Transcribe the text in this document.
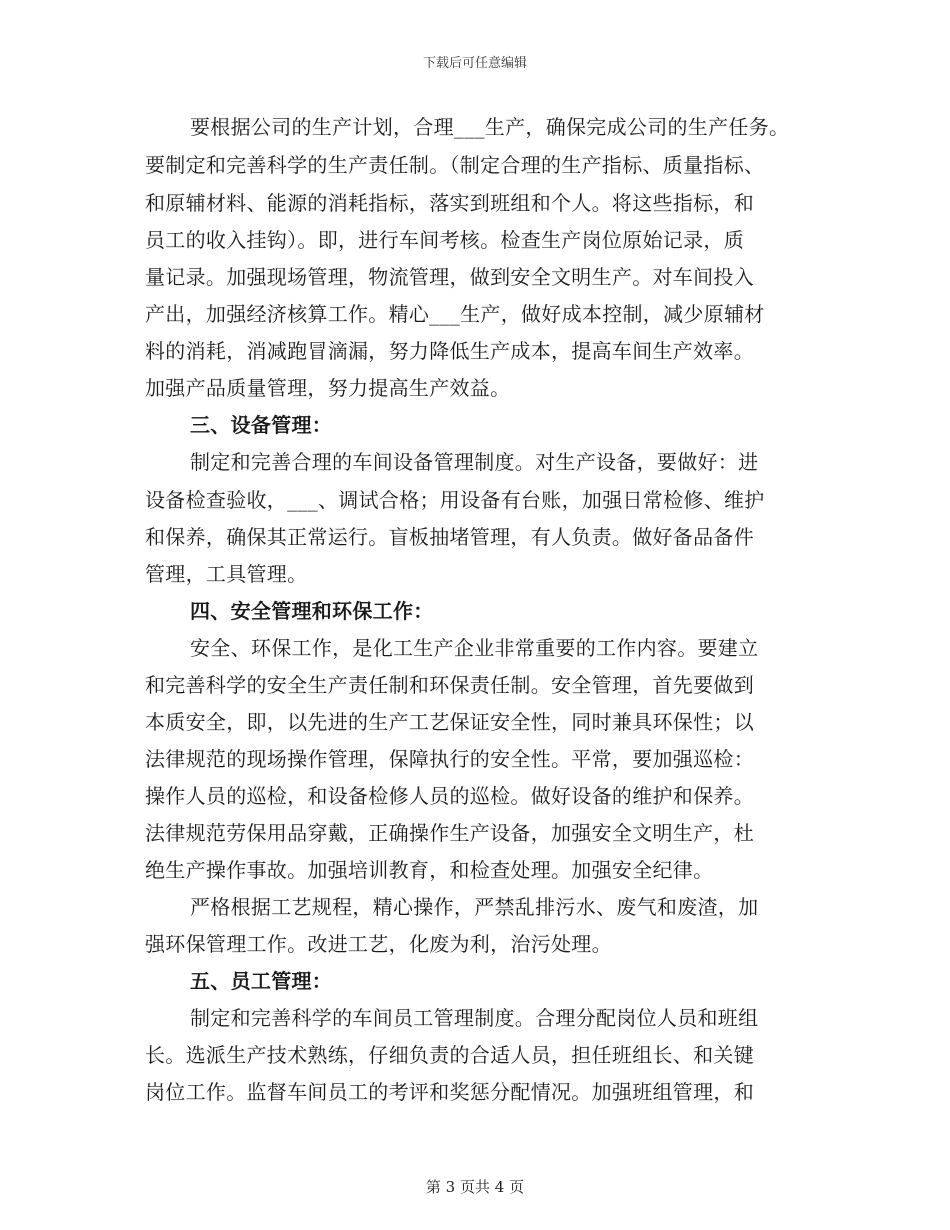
下载后可任意编辑
要根据公司的生产计划，合理___生产，确保完成公司的生产任务。
要制定和完善科学的生产责任制。（制定合理的生产指标、质量指标、
和原辅材料、能源的消耗指标，落实到班组和个人。将这些指标，和
员工的收入挂钩）。即，进行车间考核。检查生产岗位原始记录，质
量记录。加强现场管理，物流管理，做到安全文明生产。对车间投入
产出，加强经济核算工作。精心___生产，做好成本控制，减少原辅材
料的消耗，消减跑冒滴漏，努力降低生产成本，提高车间生产效率。
加强产品质量管理，努力提高生产效益。
三、设备管理：
制定和完善合理的车间设备管理制度。对生产设备，要做好：进
设备检查验收，___、调试合格；用设备有台账，加强日常检修、维护
和保养，确保其正常运行。盲板抽堵管理，有人负责。做好备品备件
管理，工具管理。
四、安全管理和环保工作：
安全、环保工作，是化工生产企业非常重要的工作内容。要建立
和完善科学的安全生产责任制和环保责任制。安全管理，首先要做到
本质安全，即，以先进的生产工艺保证安全性，同时兼具环保性；以
法律规范的现场操作管理，保障执行的安全性。平常，要加强巡检：
操作人员的巡检，和设备检修人员的巡检。做好设备的维护和保养。
法律规范劳保用品穿戴，正确操作生产设备，加强安全文明生产，杜
绝生产操作事故。加强培训教育，和检查处理。加强安全纪律。
严格根据工艺规程，精心操作，严禁乱排污水、废气和废渣，加
强环保管理工作。改进工艺，化废为利，治污处理。
五、员工管理：
制定和完善科学的车间员工管理制度。合理分配岗位人员和班组
长。选派生产技术熟练，仔细负责的合适人员，担任班组长、和关键
岗位工作。监督车间员工的考评和奖惩分配情况。加强班组管理，和
第 3 页共 4 页
